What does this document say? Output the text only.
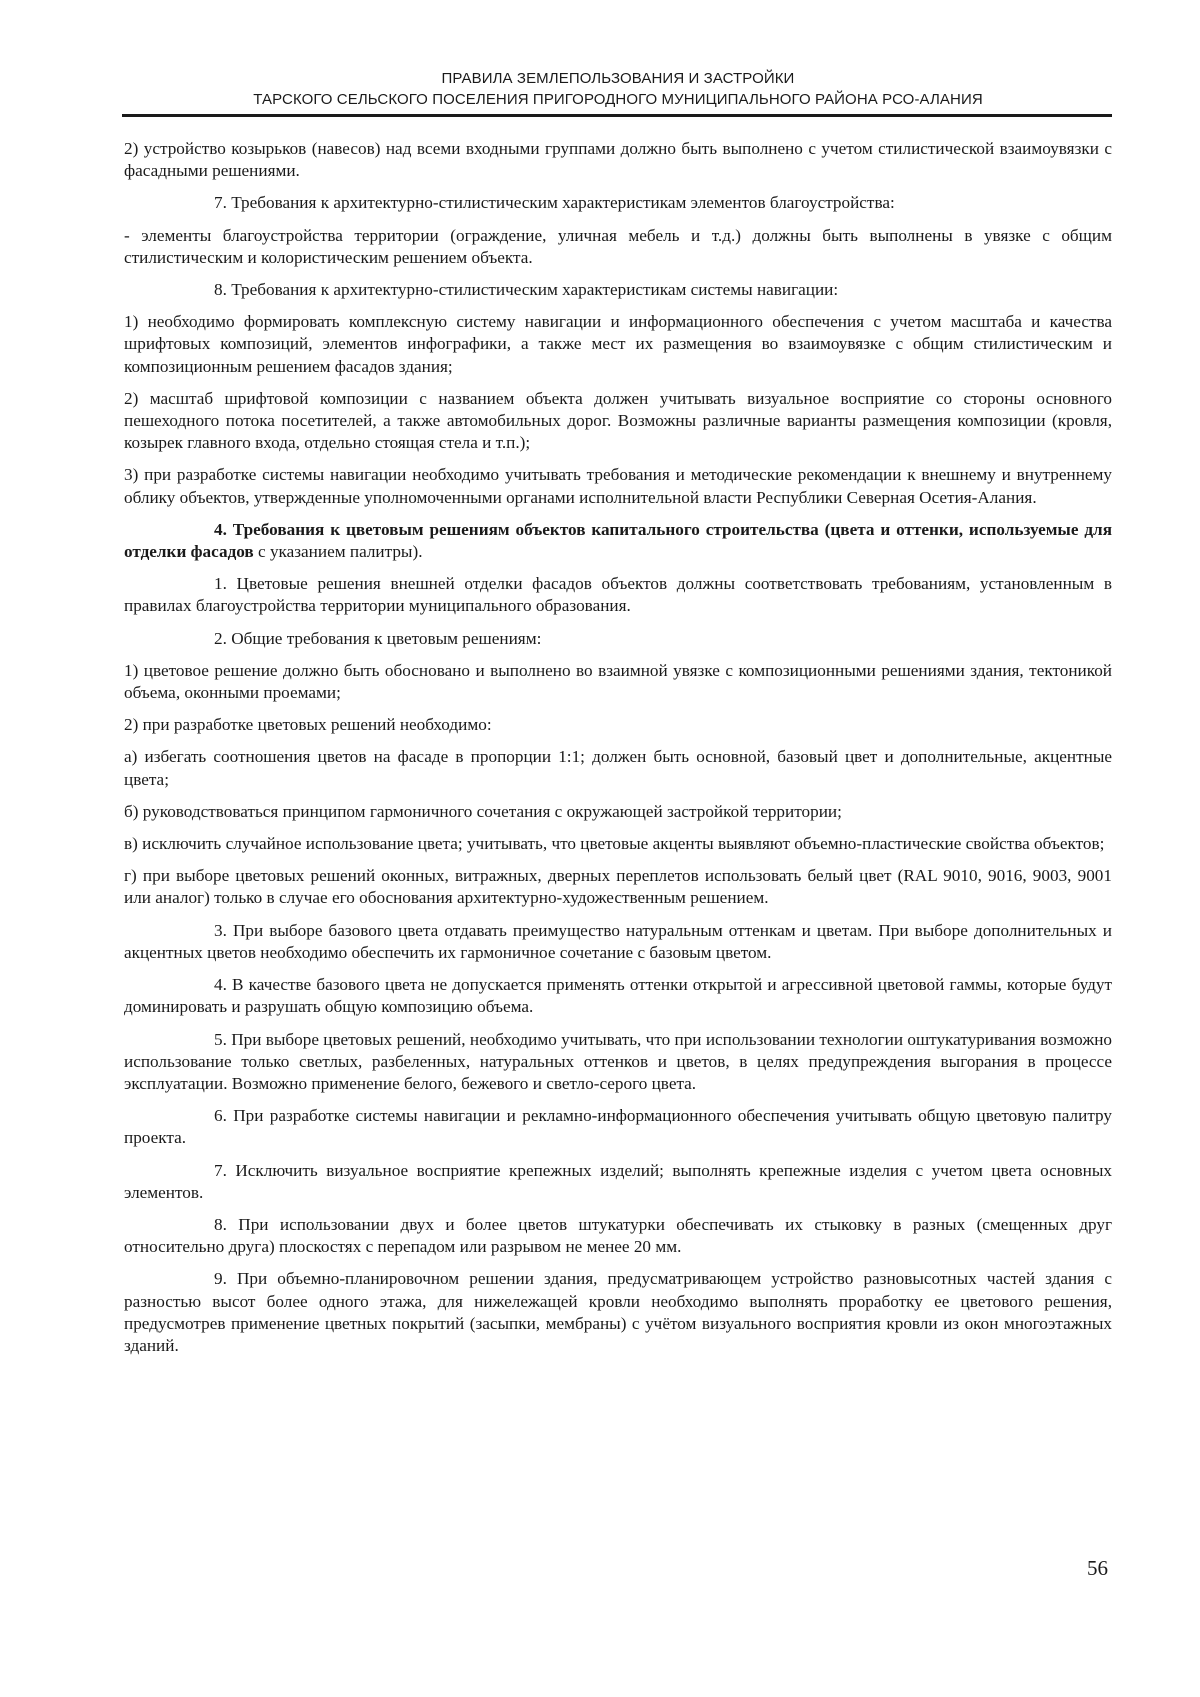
ПРАВИЛА ЗЕМЛЕПОЛЬЗОВАНИЯ И ЗАСТРОЙКИ
ТАРСКОГО СЕЛЬСКОГО ПОСЕЛЕНИЯ ПРИГОРОДНОГО МУНИЦИПАЛЬНОГО РАЙОНА РСО-АЛАНИЯ

2) устройство козырьков (навесов) над всеми входными группами должно быть выполнено с учетом стилистической взаимоувязки с фасадными решениями.

7. Требования к архитектурно-стилистическим характеристикам элементов благоустройства:

- элементы благоустройства территории (ограждение, уличная мебель и т.д.) должны быть выполнены в увязке с общим стилистическим и колористическим решением объекта.

8. Требования к архитектурно-стилистическим характеристикам системы навигации:

1) необходимо формировать комплексную систему навигации и информационного обеспечения с учетом масштаба и качества шрифтовых композиций, элементов инфографики, а также мест их размещения во взаимоувязке с общим стилистическим и композиционным решением фасадов здания;

2) масштаб шрифтовой композиции с названием объекта должен учитывать визуальное восприятие со стороны основного пешеходного потока посетителей, а также автомобильных дорог. Возможны различные варианты размещения композиции (кровля, козырек главного входа, отдельно стоящая стела и т.п.);

3) при разработке системы навигации необходимо учитывать требования и методические рекомендации к внешнему и внутреннему облику объектов, утвержденные уполномоченными органами исполнительной власти Республики Северная Осетия-Алания.

4. Требования к цветовым решениям объектов капитального строительства (цвета и оттенки, используемые для отделки фасадов с указанием палитры).

1. Цветовые решения внешней отделки фасадов объектов должны соответствовать требованиям, установленным в правилах благоустройства территории муниципального образования.

2. Общие требования к цветовым решениям:

1) цветовое решение должно быть обосновано и выполнено во взаимной увязке с композиционными решениями здания, тектоникой объема, оконными проемами;

2) при разработке цветовых решений необходимо:

а) избегать соотношения цветов на фасаде в пропорции 1:1; должен быть основной, базовый цвет и дополнительные, акцентные цвета;

б) руководствоваться принципом гармоничного сочетания с окружающей застройкой территории;

в) исключить случайное использование цвета; учитывать, что цветовые акценты выявляют объемно-пластические свойства объектов;

г) при выборе цветовых решений оконных, витражных, дверных переплетов использовать белый цвет (RAL 9010, 9016, 9003, 9001 или аналог) только в случае его обоснования архитектурно-художественным решением.

3. При выборе базового цвета отдавать преимущество натуральным оттенкам и цветам. При выборе дополнительных и акцентных цветов необходимо обеспечить их гармоничное сочетание с базовым цветом.

4. В качестве базового цвета не допускается применять оттенки открытой и агрессивной цветовой гаммы, которые будут доминировать и разрушать общую композицию объема.

5. При выборе цветовых решений, необходимо учитывать, что при использовании технологии оштукатуривания возможно использование только светлых, разбеленных, натуральных оттенков и цветов, в целях предупреждения выгорания в процессе эксплуатации. Возможно применение белого, бежевого и светло-серого цвета.

6. При разработке системы навигации и рекламно-информационного обеспечения учитывать общую цветовую палитру проекта.

7. Исключить визуальное восприятие крепежных изделий; выполнять крепежные изделия с учетом цвета основных элементов.

8. При использовании двух и более цветов штукатурки обеспечивать их стыковку в разных (смещенных друг относительно друга) плоскостях с перепадом или разрывом не менее 20 мм.

9. При объемно-планировочном решении здания, предусматривающем устройство разновысотных частей здания с разностью высот более одного этажа, для нижележащей кровли необходимо выполнять проработку ее цветового решения, предусмотрев применение цветных покрытий (засыпки, мембраны) с учётом визуального восприятия кровли из окон многоэтажных зданий.

56
